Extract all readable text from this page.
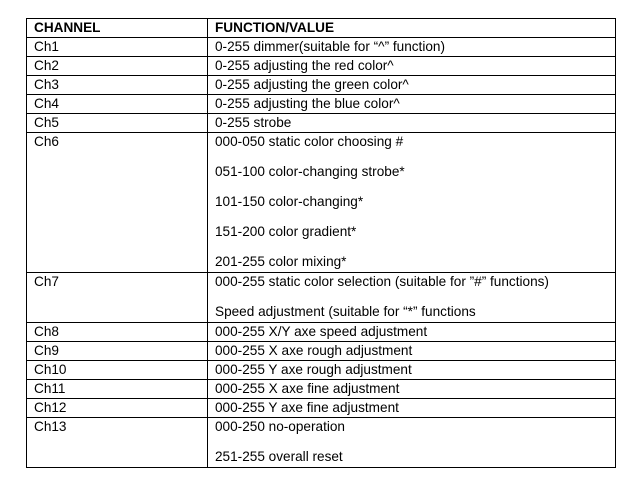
CHANNEL	FUNCTION/VALUE
Ch1	0-255 dimmer(suitable for “^” function)

Ch2	0-255 adjusting the red color^

Ch3	0-255 adjusting the green color^

Ch4	0-255 adjusting the blue color^

Ch5	0-255 strobe

Ch6	000-050 static color choosing #
051-100 color-changing strobe*
101-150 color-changing*
151-200 color gradient*
201-255 color mixing*

Ch7	000-255 static color selection (suitable for ”#” functions)
Speed adjustment (suitable for “*” functions

Ch8	000-255 X/Y axe speed adjustment

Ch9	000-255 X axe rough adjustment

Ch10	000-255 Y axe rough adjustment

Ch11	000-255 X axe fine adjustment

Ch12	000-255 Y axe fine adjustment

Ch13	000-250 no-operation
251-255 overall reset
